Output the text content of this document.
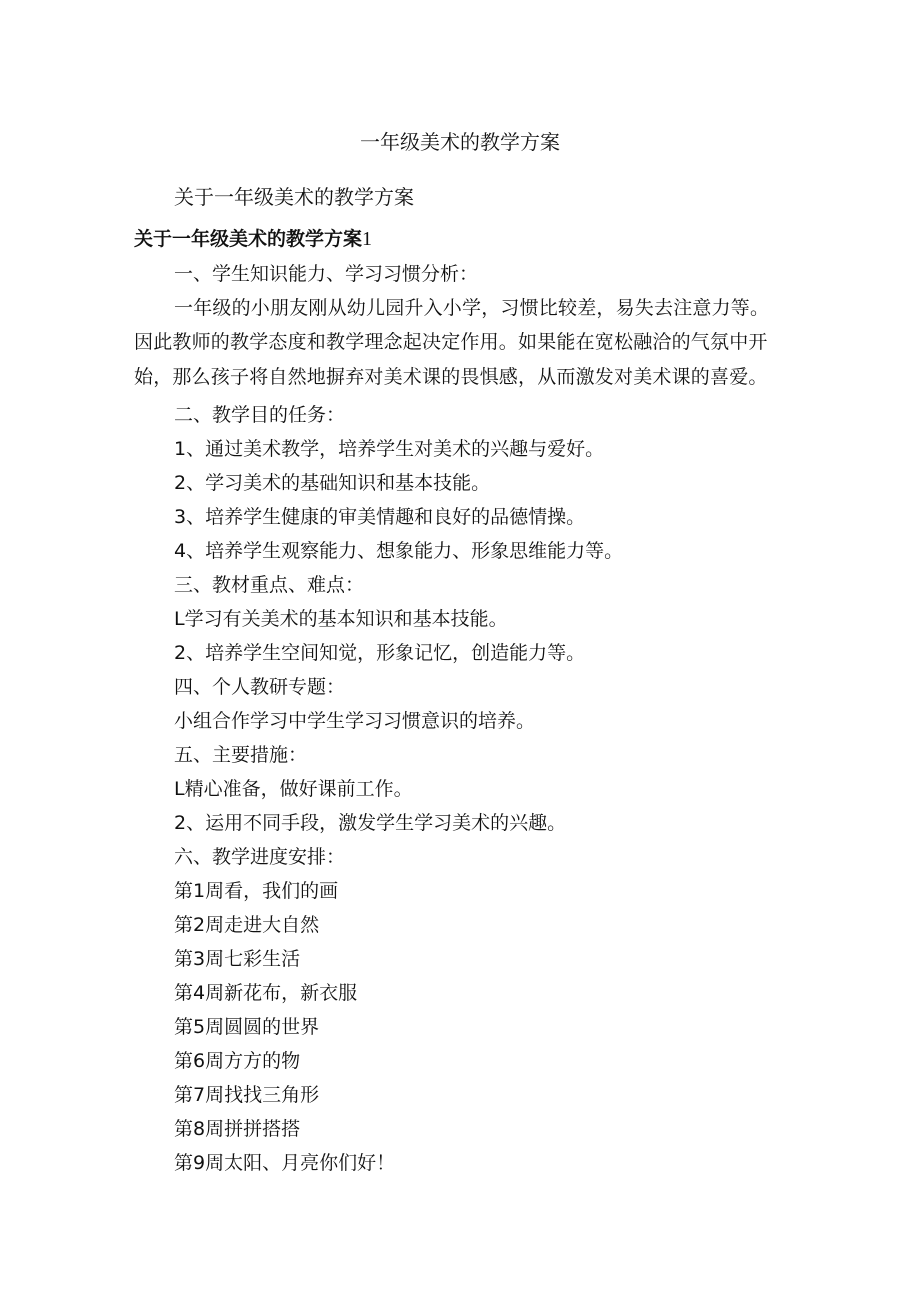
一年级美术的教学方案
关于一年级美术的教学方案
关于一年级美术的教学方案1

一、学生知识能力、学习习惯分析：

一年级的小朋友刚从幼儿园升入小学，习惯比较差，易失去注意力等。
因此教师的教学态度和教学理念起决定作用。如果能在宽松融洽的气氛中开
始，那么孩子将自然地摒弃对美术课的畏惧感，从而激发对美术课的喜爱。

二、教学目的任务：

1、通过美术教学，培养学生对美术的兴趣与爱好。

2、学习美术的基础知识和基本技能。

3、培养学生健康的审美情趣和良好的品德情操。

4、培养学生观察能力、想象能力、形象思维能力等。

三、教材重点、难点：

L学习有关美术的基本知识和基本技能。

2、培养学生空间知觉，形象记忆，创造能力等。

四、个人教研专题：

小组合作学习中学生学习习惯意识的培养。

五、主要措施：

L精心准备，做好课前工作。

2、运用不同手段，激发学生学习美术的兴趣。

六、教学进度安排：

第1周看，我们的画

第2周走进大自然

第3周七彩生活

第4周新花布，新衣服

第5周圆圆的世界

第6周方方的物

第7周找找三角形

第8周拼拼搭搭

第9周太阳、月亮你们好！
